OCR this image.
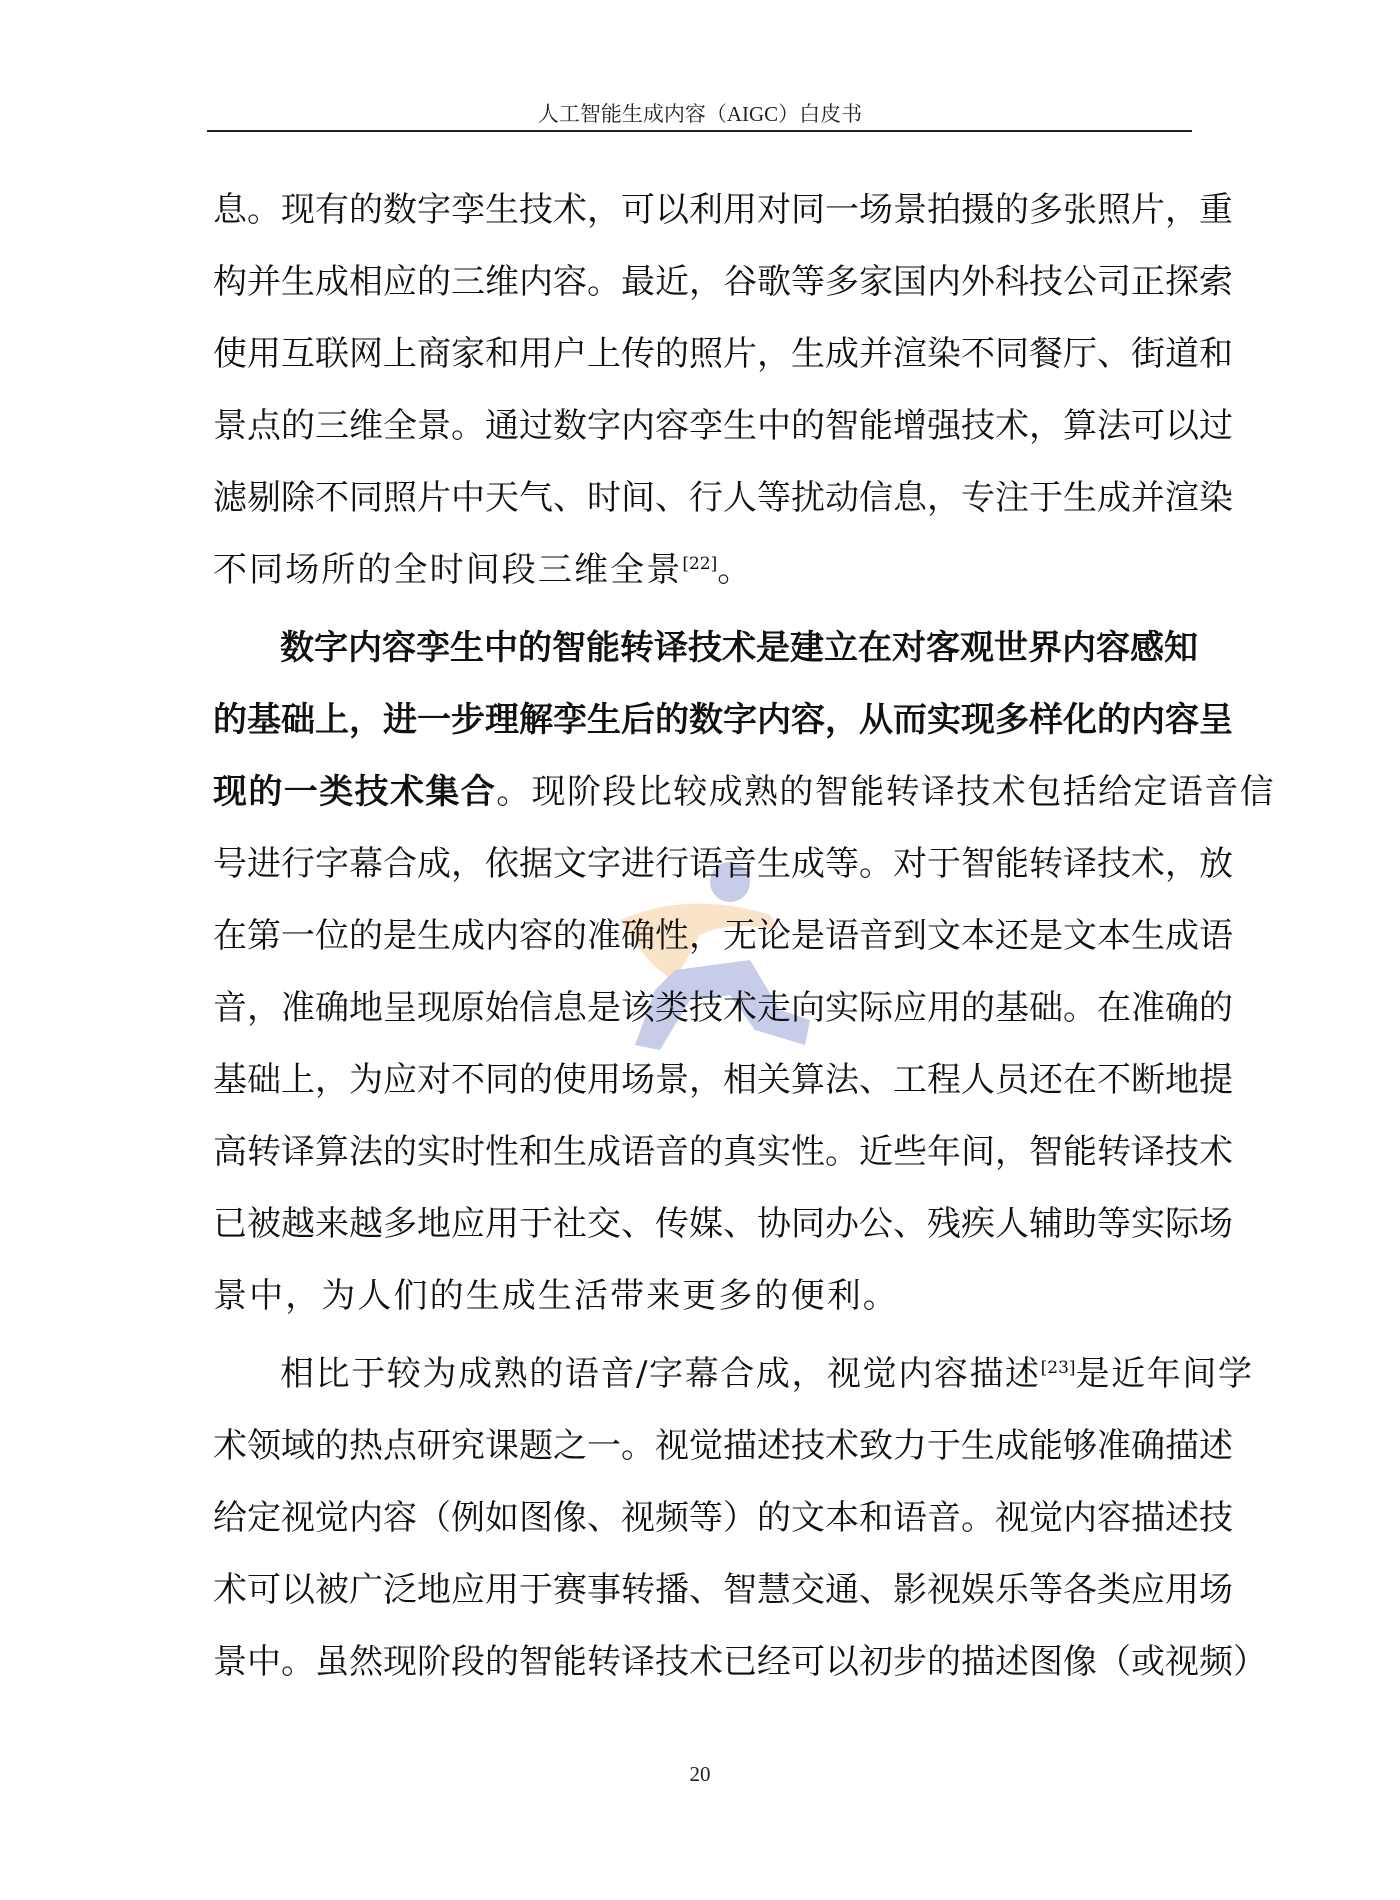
人工智能生成内容（AIGC）白皮书
息。现有的数字孪生技术，可以利用对同一场景拍摄的多张照片，重
构并生成相应的三维内容。最近，谷歌等多家国内外科技公司正探索
使用互联网上商家和用户上传的照片，生成并渲染不同餐厅、街道和
景点的三维全景。通过数字内容孪生中的智能增强技术，算法可以过
滤剔除不同照片中天气、时间、行人等扰动信息，专注于生成并渲染
不同场所的全时间段三维全景[22]。
数字内容孪生中的智能转译技术是建立在对客观世界内容感知
的基础上，进一步理解孪生后的数字内容，从而实现多样化的内容呈
现的一类技术集合。现阶段比较成熟的智能转译技术包括给定语音信
号进行字幕合成，依据文字进行语音生成等。对于智能转译技术，放
在第一位的是生成内容的准确性，无论是语音到文本还是文本生成语
音，准确地呈现原始信息是该类技术走向实际应用的基础。在准确的
基础上，为应对不同的使用场景，相关算法、工程人员还在不断地提
高转译算法的实时性和生成语音的真实性。近些年间，智能转译技术
已被越来越多地应用于社交、传媒、协同办公、残疾人辅助等实际场
景中，为人们的生成生活带来更多的便利。
相比于较为成熟的语音/字幕合成，视觉内容描述[23]是近年间学
术领域的热点研究课题之一。视觉描述技术致力于生成能够准确描述
给定视觉内容（例如图像、视频等）的文本和语音。视觉内容描述技
术可以被广泛地应用于赛事转播、智慧交通、影视娱乐等各类应用场
景中。虽然现阶段的智能转译技术已经可以初步的描述图像（或视频）
20
